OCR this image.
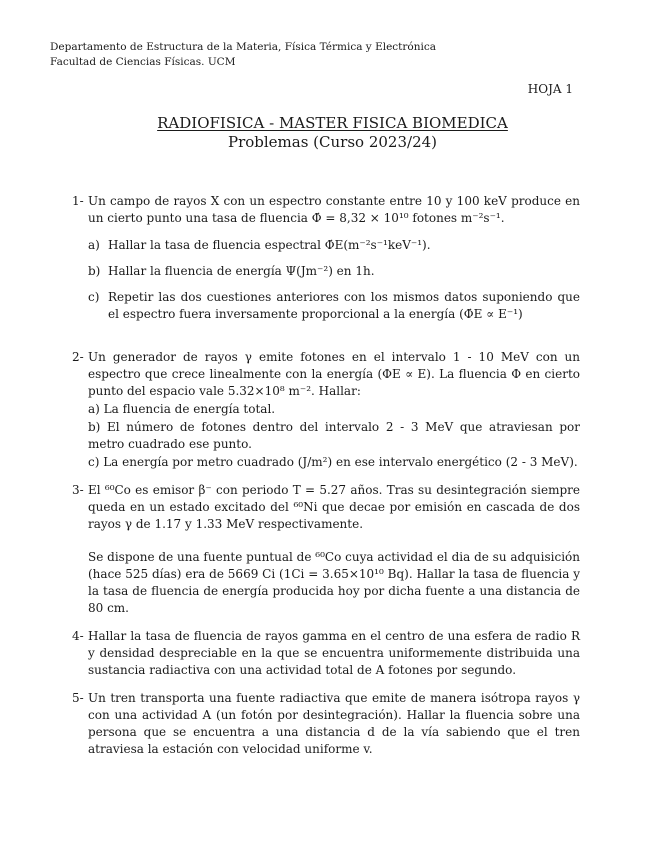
Departamento de Estructura de la Materia, Física Térmica y Electrónica
Facultad de Ciencias Físicas. UCM
HOJA 1
RADIOFISICA - MASTER FISICA BIOMEDICA
Problemas (Curso 2023/24)
1- Un campo de rayos X con un espectro constante entre 10 y 100 keV produce en un cierto punto una tasa de fluencia Φ̇ = 8,32 × 10¹⁰ fotones m⁻²s⁻¹.
a) Hallar la tasa de fluencia espectral Φ̇E(m⁻²s⁻¹keV⁻¹).
b) Hallar la fluencia de energía Ψ(Jm⁻²) en 1h.
c) Repetir las dos cuestiones anteriores con los mismos datos suponiendo que el espectro fuera inversamente proporcional a la energía (Φ̇E ∝ E⁻¹)
2- Un generador de rayos γ emite fotones en el intervalo 1 - 10 MeV con un espectro que crece linealmente con la energía (ΦE ∝ E). La fluencia Φ en cierto punto del espacio vale 5.32×10⁸ m⁻². Hallar:
a) La fluencia de energía total.
b) El número de fotones dentro del intervalo 2 - 3 MeV que atraviesan por metro cuadrado ese punto.
c) La energía por metro cuadrado (J/m²) en ese intervalo energético (2 - 3 MeV).
3- El ⁶⁰Co es emisor β⁻ con periodo T = 5.27 años. Tras su desintegración siempre queda en un estado excitado del ⁶⁰Ni que decae por emisión en cascada de dos rayos γ de 1.17 y 1.33 MeV respectivamente.
Se dispone de una fuente puntual de ⁶⁰Co cuya actividad el dia de su adquisición (hace 525 días) era de 5669 Ci (1Ci = 3.65×10¹⁰ Bq). Hallar la tasa de fluencia y la tasa de fluencia de energía producida hoy por dicha fuente a una distancia de 80 cm.
4- Hallar la tasa de fluencia de rayos gamma en el centro de una esfera de radio R y densidad despreciable en la que se encuentra uniformemente distribuida una sustancia radiactiva con una actividad total de A fotones por segundo.
5- Un tren transporta una fuente radiactiva que emite de manera isótropa rayos γ con una actividad A (un fotón por desintegración). Hallar la fluencia sobre una persona que se encuentra a una distancia d de la vía sabiendo que el tren atraviesa la estación con velocidad uniforme v.
